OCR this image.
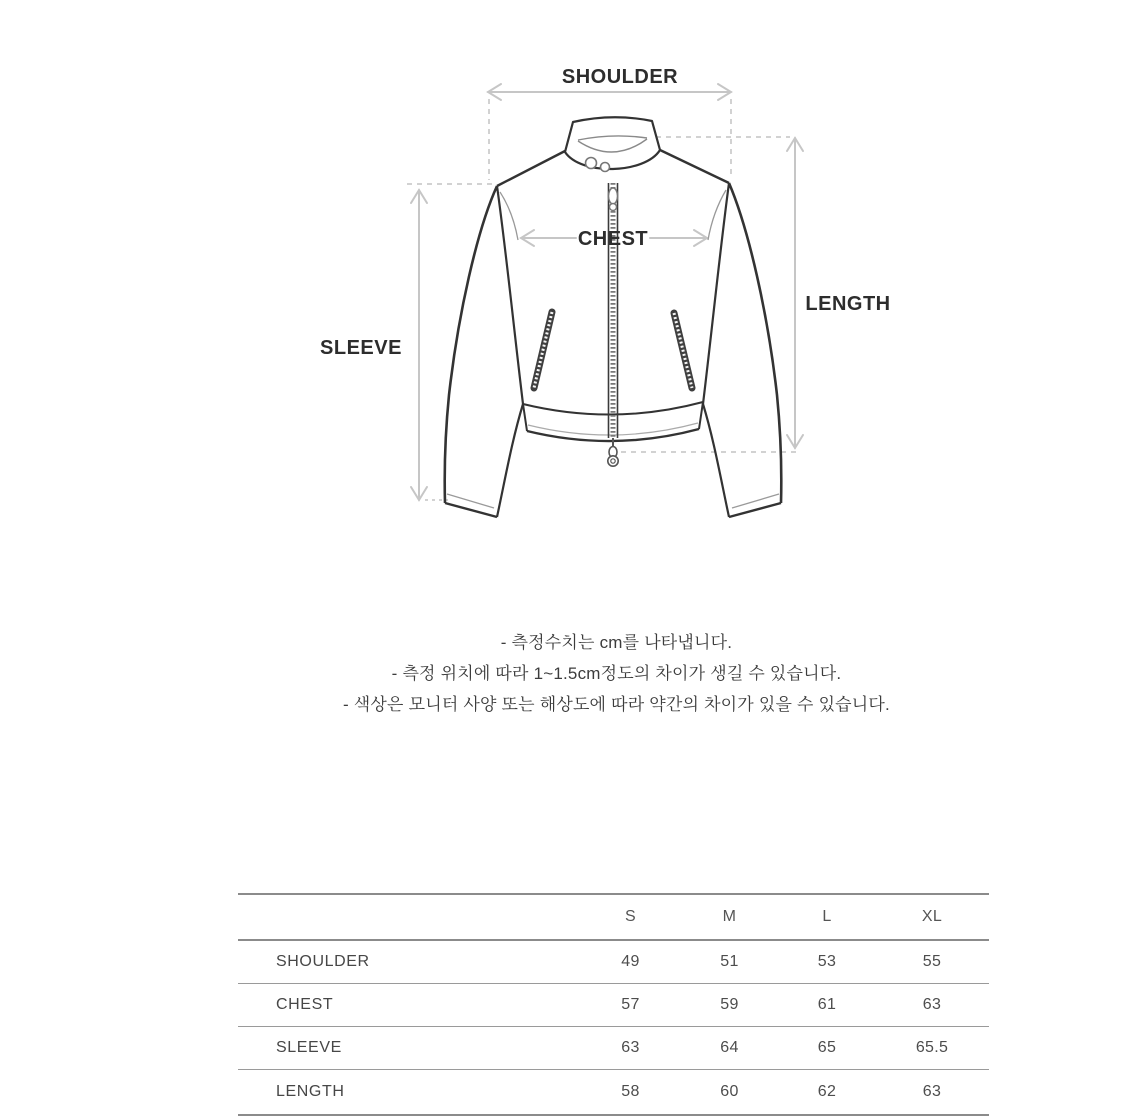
SHOULDER
CHEST
SLEEVE
LENGTH
- 측정수치는 cm를 나타냅니다.
- 측정 위치에 따라 1~1.5cm정도의 차이가 생길 수 있습니다.
- 색상은 모니터 사양 또는 해상도에 따라 약간의 차이가 있을 수 있습니다.
	S	M	L	XL
SHOULDER	49	51	53	55
CHEST	57	59	61	63
SLEEVE	63	64	65	65.5
LENGTH	58	60	62	63
